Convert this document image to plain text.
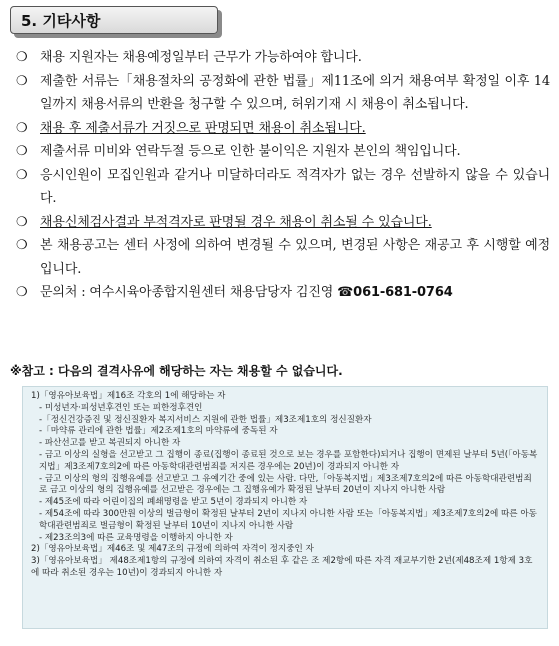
5. 기타사항
❍ 채용 지원자는 채용예정일부터 근무가 가능하여야 합니다.
❍ 제출한 서류는「채용절차의 공정화에 관한 법률」제11조에 의거 채용여부 확정일 이후 14일까지 채용서류의 반환을 청구할 수 있으며, 허위기재 시 채용이 취소됩니다.
❍ 채용 후 제출서류가 거짓으로 판명되면 채용이 취소됩니다.
❍ 제출서류 미비와 연락두절 등으로 인한 불이익은 지원자 본인의 책임입니다.
❍ 응시인원이 모집인원과 같거나 미달하더라도 적격자가 없는 경우 선발하지 않을 수 있습니다.
❍ 채용신체검사결과 부적격자로 판명될 경우 채용이 취소될 수 있습니다.
❍ 본 채용공고는 센터 사정에 의하여 변경될 수 있으며, 변경된 사항은 재공고 후 시행할 예정입니다.
❍ 문의처 : 여수시육아종합지원센터 채용담당자 김진영 ☎061-681-0764
※참고 : 다음의 결격사유에 해당하는 자는 채용할 수 없습니다.
1)「영유아보육법」제16조 각호의 1에 해당하는 자
- 미성년자·피성년후견인 또는 피한정후견인
-「정신건강증진 및 정신질환자 복지서비스 지원에 관한 법률」제3조제1호의 정신질환자
-「마약류 관리에 관한 법률」제2조제1호의 마약류에 중독된 자
- 파산선고를 받고 복권되지 아니한 자
- 금고 이상의 실형을 선고받고 그 집행이 종료(집행이 종료된 것으로 보는 경우를 포함한다)되거나 집행이 면제된 날부터 5년(「아동복지법」제3조제7호의2에 따른 아동학대관련범죄를 저지른 경우에는 20년)이 경과되지 아니한 자
- 금고 이상의 형의 집행유예를 선고받고 그 유예기간 중에 있는 사람. 다만,「아동복지법」제3조제7호의2에 따른 아동학대관련범죄로 금고 이상의 형의 집행유예를 선고받은 경우에는 그 집행유예가 확정된 날부터 20년이 지나지 아니한 사람
- 제45조에 따라 어린이집의 폐쇄명령을 받고 5년이 경과되지 아니한 자
- 제54조에 따라 300만원 이상의 벌금형이 확정된 날부터 2년이 지나지 아니한 사람 또는「아동복지법」제3조제7호의2에 따른 아동학대관련범죄로 벌금형이 확정된 날부터 10년이 지나지 아니한 사람
- 제23조의3에 따른 교육명령을 이행하지 아니한 자
2)「영유아보육법」제46조 및 제47조의 규정에 의하여 자격이 정지중인 자
3)「영유아보육법」 제48조제1항의 규정에 의하여 자격이 취소된 후 같은 조 제2항에 따른 자격 재교부기한 2년(제48조제 1항제 3호에 따라 취소된 경우는 10년)이 경과되지 아니한 자
